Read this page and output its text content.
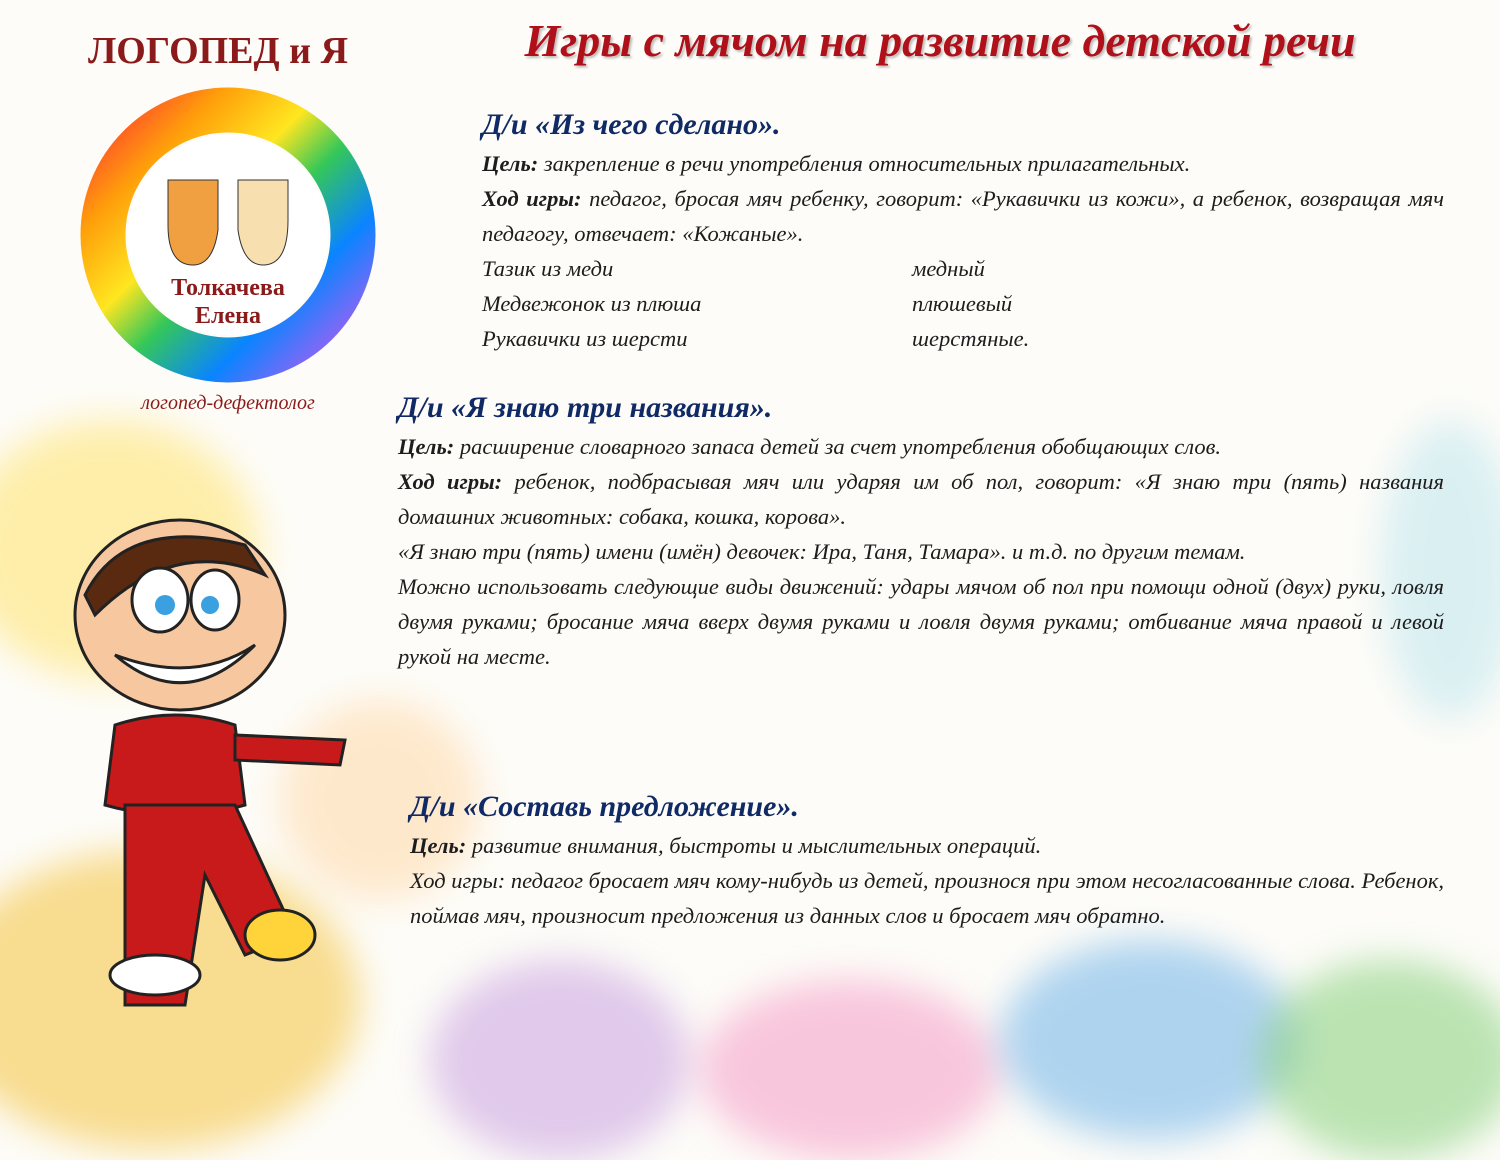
Игры с мячом на развитие детской речи
ЛОГОПЕД и Я
Толкачева
Елена
логопед-дефектолог
Д/и «Из чего сделано».

Цель: закрепление в речи употребления относительных прилагательных.

Ход игры: педагог, бросая мяч ребенку, говорит: «Рукавички из кожи», а ребенок, возвращая мяч педагогу, отвечает: «Кожаные».

Тазик из меди	медный
Медвежонок из плюша	плюшевый
Рукавички из шерсти	шерстяные.
Д/и «Я знаю три названия».

Цель: расширение словарного запаса детей за счет употребления обобщающих слов.

Ход игры: ребенок, подбрасывая мяч или ударяя им об пол, говорит: «Я знаю три (пять) названия домашних животных: собака, кошка, корова».

«Я знаю три (пять) имени (имён) девочек: Ира, Таня, Тамара». и т.д. по другим темам.

Можно использовать следующие виды движений: удары мячом об пол при помощи одной (двух) руки, ловля двумя руками; бросание мяча вверх двумя руками и ловля двумя руками; отбивание мяча правой и левой рукой на месте.

Д/и «Составь предложение».

Цель: развитие внимания, быстроты и мыслительных операций.

Ход игры: педагог бросает мяч кому-нибудь из детей, произнося при этом несогласованные слова. Ребенок, поймав мяч, произносит предложения из данных слов и бросает мяч обратно.
